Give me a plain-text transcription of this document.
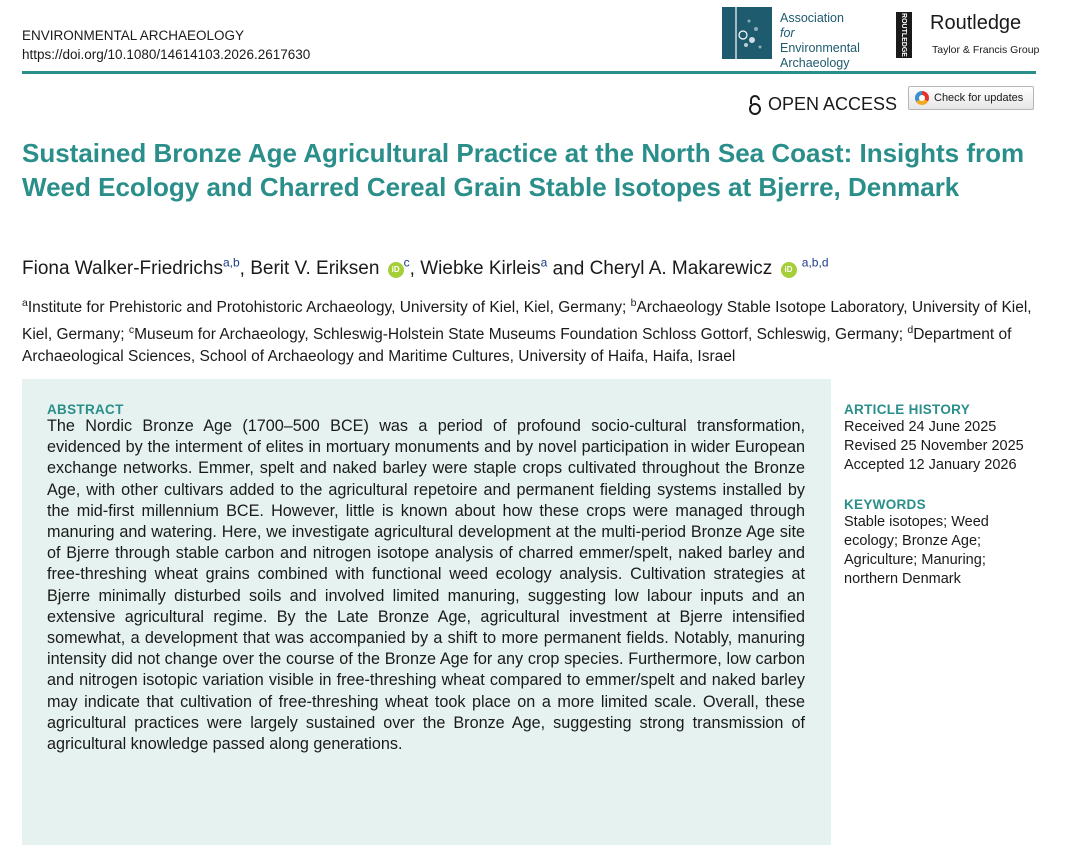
ENVIRONMENTAL ARCHAEOLOGY
https://doi.org/10.1080/14614103.2026.2617630
Association
for
Environmental
Archaeology
ROUTLEDGE Routledge
Taylor & Francis Group
OPEN ACCESS	Check for updates
Sustained Bronze Age Agricultural Practice at the North Sea Coast: Insights from Weed Ecology and Charred Cereal Grain Stable Isotopes at Bjerre, Denmark
Fiona Walker-Friedrichs$^{a,b}$, Berit V. Eriksen iD $^c$, Wiebke Kirleis$^a$ and Cheryl A. Makarewicz iD $^{a,b,d}$

$^a$Institute for Prehistoric and Protohistoric Archaeology, University of Kiel, Kiel, Germany; $^b$Archaeology Stable Isotope Laboratory, University of Kiel, Kiel, Germany; $^c$Museum for Archaeology, Schleswig-Holstein State Museums Foundation Schloss Gottorf, Schleswig, Germany; $^d$Department of Archaeological Sciences, School of Archaeology and Maritime Cultures, University of Haifa, Haifa, Israel

ABSTRACT

The Nordic Bronze Age (1700–500 BCE) was a period of profound socio-cultural transformation, evidenced by the interment of elites in mortuary monuments and by novel participation in wider European exchange networks. Emmer, spelt and naked barley were staple crops cultivated throughout the Bronze Age, with other cultivars added to the agricultural repetoire and permanent fielding systems installed by the mid-first millennium BCE. However, little is known about how these crops were managed through manuring and watering. Here, we investigate agricultural development at the multi-period Bronze Age site of Bjerre through stable carbon and nitrogen isotope analysis of charred emmer/spelt, naked barley and free-threshing wheat grains combined with functional weed ecology analysis. Cultivation strategies at Bjerre minimally disturbed soils and involved limited manuring, suggesting low labour inputs and an extensive agricultural regime. By the Late Bronze Age, agricultural investment at Bjerre intensified somewhat, a development that was accompanied by a shift to more permanent fields. Notably, manuring intensity did not change over the course of the Bronze Age for any crop species. Furthermore, low carbon and nitrogen isotopic variation visible in free-threshing wheat compared to emmer/spelt and naked barley may indicate that cultivation of free-threshing wheat took place on a more limited scale. Overall, these agricultural practices were largely sustained over the Bronze Age, suggesting strong transmission of agricultural knowledge passed along generations.

ARTICLE HISTORY
Received 24 June 2025
Revised 25 November 2025
Accepted 12 January 2026
KEYWORDS
Stable isotopes; Weed
ecology; Bronze Age;
Agriculture; Manuring;
northern Denmark
